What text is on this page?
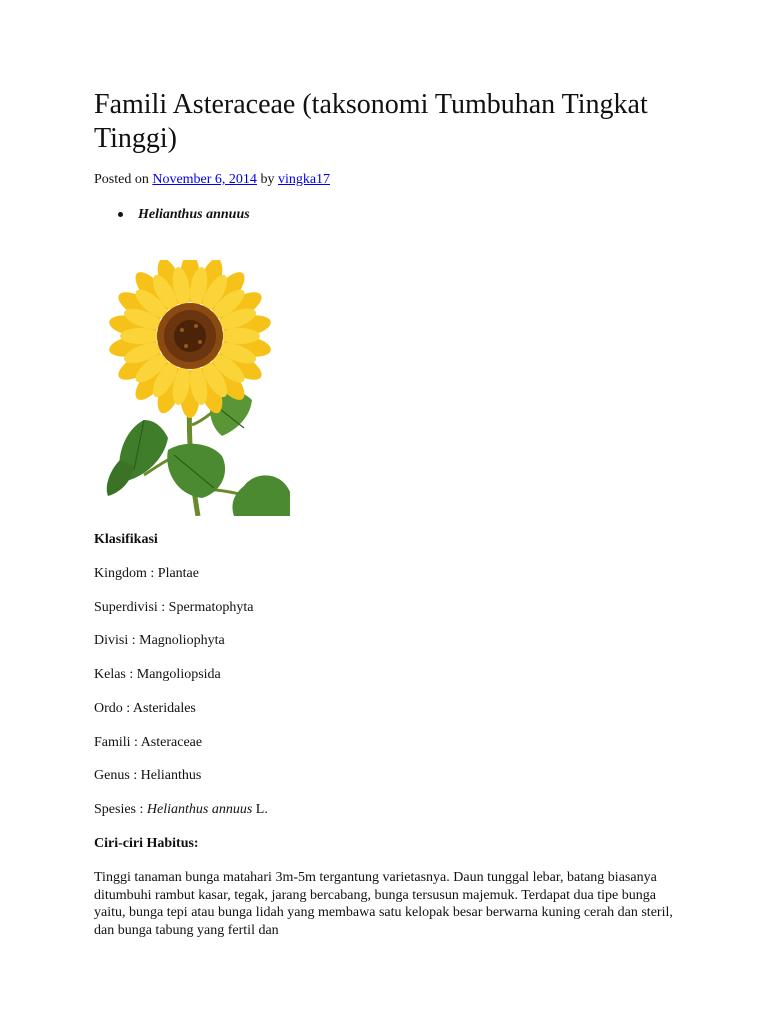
Famili Asteraceae (taksonomi Tumbuhan Tingkat Tinggi)
Posted on November 6, 2014 by vingka17
Helianthus annuus
Klasifikasi
Kingdom : Plantae
Superdivisi : Spermatophyta
Divisi : Magnoliophyta
Kelas : Mangoliopsida
Ordo : Asteridales
Famili : Asteraceae
Genus : Helianthus
Spesies : Helianthus annuus L.
Ciri-ciri Habitus:

Tinggi tanaman bunga matahari 3m-5m tergantung varietasnya. Daun tunggal lebar, batang biasanya ditumbuhi rambut kasar, tegak, jarang bercabang, bunga tersusun majemuk. Terdapat dua tipe bunga yaitu, bunga tepi atau bunga lidah yang membawa satu kelopak besar berwarna kuning cerah dan steril, dan bunga tabung yang fertil dan
